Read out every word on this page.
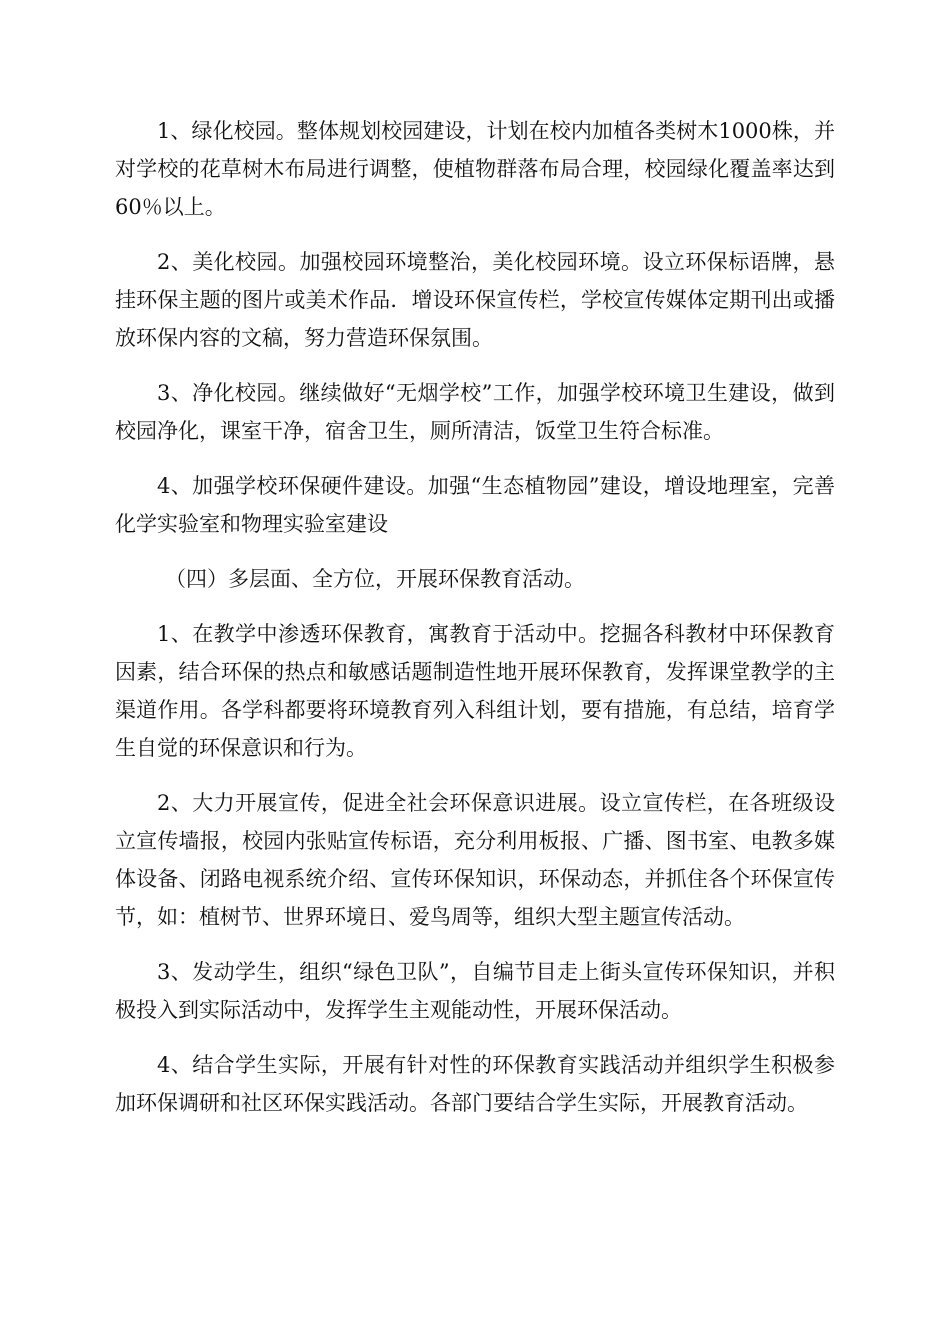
1、绿化校园。整体规划校园建设，计划在校内加植各类树木1000株，并对学校的花草树木布局进行调整，使植物群落布局合理，校园绿化覆盖率达到60％以上。

2、美化校园。加强校园环境整治，美化校园环境。设立环保标语牌，悬挂环保主题的图片或美术作品．增设环保宣传栏，学校宣传媒体定期刊出或播放环保内容的文稿，努力营造环保氛围。

3、净化校园。继续做好“无烟学校”工作，加强学校环境卫生建设，做到校园净化，课室干净，宿舍卫生，厕所清洁，饭堂卫生符合标准。

4、加强学校环保硬件建设。加强“生态植物园”建设，增设地理室，完善化学实验室和物理实验室建设

（四）多层面、全方位，开展环保教育活动。

1、在教学中渗透环保教育，寓教育于活动中。挖掘各科教材中环保教育因素，结合环保的热点和敏感话题制造性地开展环保教育，发挥课堂教学的主渠道作用。各学科都要将环境教育列入科组计划，要有措施，有总结，培育学生自觉的环保意识和行为。

2、大力开展宣传，促进全社会环保意识进展。设立宣传栏，在各班级设立宣传墙报，校园内张贴宣传标语，充分利用板报、广播、图书室、电教多媒体设备、闭路电视系统介绍、宣传环保知识，环保动态，并抓住各个环保宣传节，如：植树节、世界环境日、爱鸟周等，组织大型主题宣传活动。

3、发动学生，组织“绿色卫队”，自编节目走上街头宣传环保知识，并积极投入到实际活动中，发挥学生主观能动性，开展环保活动。

4、结合学生实际，开展有针对性的环保教育实践活动并组织学生积极参加环保调研和社区环保实践活动。各部门要结合学生实际，开展教育活动。
